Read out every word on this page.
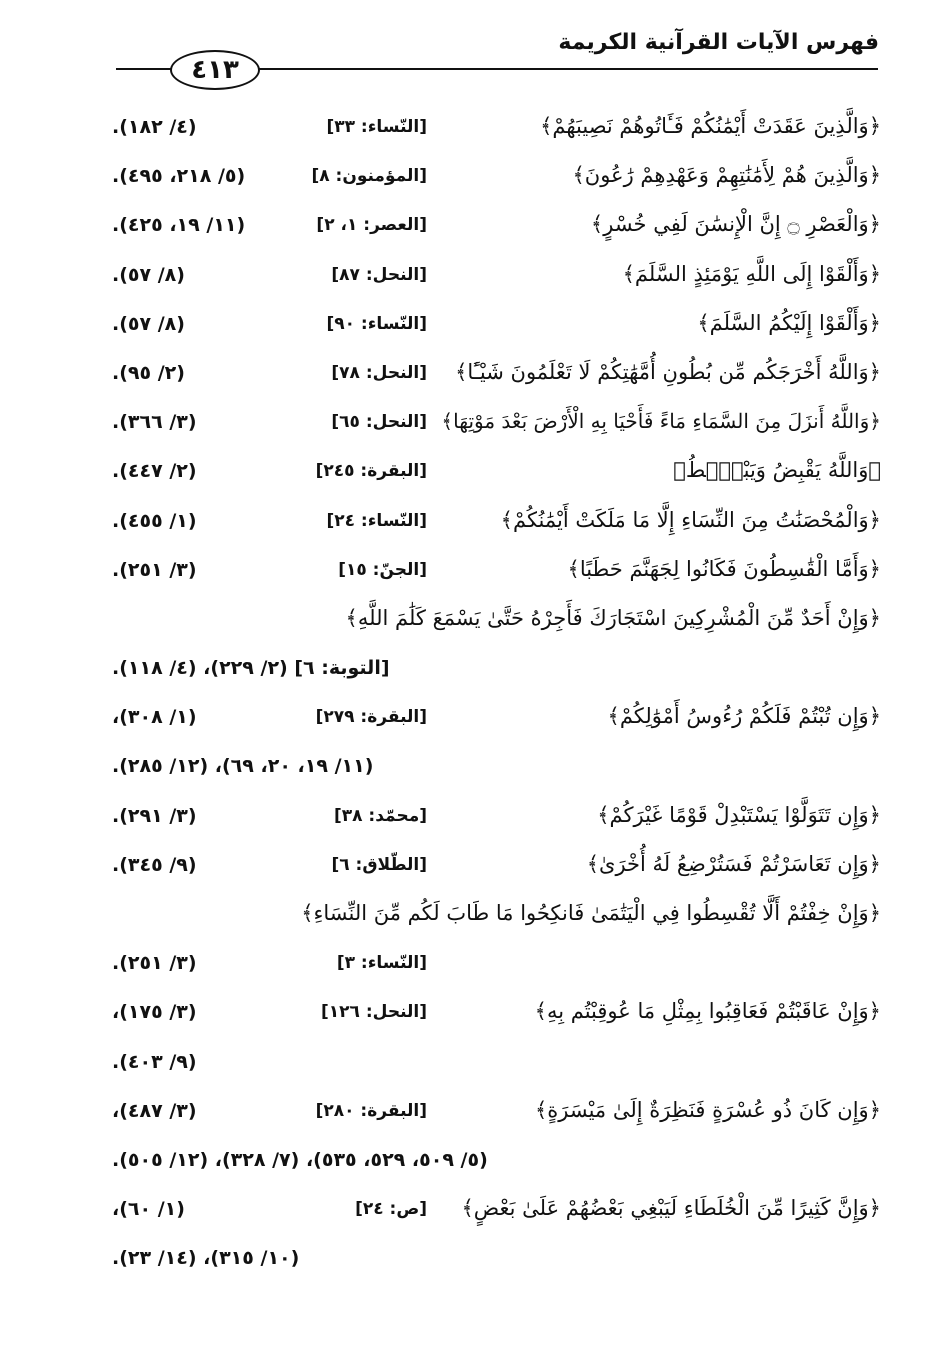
فهرس الآيات القرآنية الكريمة
٤١٣
﴿وَالَّذِينَ عَقَدَتْ أَيْمَٰنُكُمْ فَـَٔاتُوهُمْ نَصِيبَهُمْ﴾
[النّساء: ٣٣]
(٤/ ١٨٢).
﴿وَالَّذِينَ هُمْ لِأَمَٰنَٰتِهِمْ وَعَهْدِهِمْ رَٰعُونَ﴾
[المؤمنون: ٨]
(٥/ ٢١٨، ٤٩٥).
﴿وَالْعَصْرِ ۝ إِنَّ الْإِنسَٰنَ لَفِي خُسْرٍ﴾
[العصر: ١، ٢]
(١١/ ١٩، ٤٢٥).
﴿وَأَلْقَوْا إِلَى اللَّهِ يَوْمَئِذٍ السَّلَمَ﴾
[النحل: ٨٧]
(٨/ ٥٧).
﴿وَأَلْقَوْا إِلَيْكُمُ السَّلَمَ﴾
[النّساء: ٩٠]
(٨/ ٥٧).
﴿وَاللَّهُ أَخْرَجَكُم مِّن بُطُونِ أُمَّهَٰتِكُمْ لَا تَعْلَمُونَ شَيْـًٔا﴾
[النحل: ٧٨]
(٢/ ٩٥).
﴿وَاللَّهُ أَنزَلَ مِنَ السَّمَاءِ مَاءً فَأَحْيَا بِهِ الْأَرْضَ بَعْدَ مَوْتِهَا﴾
[النحل: ٦٥]
(٣/ ٣٦٦).
﴿وَاللَّهُ يَقْبِضُ وَيَبْصُۜطُ﴾
[البقرة: ٢٤٥]
(٢/ ٤٤٧).
﴿وَالْمُحْصَنَٰتُ مِنَ النِّسَاءِ إِلَّا مَا مَلَكَتْ أَيْمَٰنُكُمْ﴾
[النّساء: ٢٤]
(١/ ٤٥٥).
﴿وَأَمَّا الْقَٰسِطُونَ فَكَانُوا لِجَهَنَّمَ حَطَبًا﴾
[الجنّ: ١٥]
(٣/ ٢٥١).
﴿وَإِنْ أَحَدٌ مِّنَ الْمُشْرِكِينَ اسْتَجَارَكَ فَأَجِرْهُ حَتَّىٰ يَسْمَعَ كَلَٰمَ اللَّهِ﴾
[التوبة: ٦] (٢/ ٢٢٩)، (٤/ ١١٨).
﴿وَإِن تُبْتُمْ فَلَكُمْ رُءُوسُ أَمْوَٰلِكُمْ﴾
[البقرة: ٢٧٩]
(١/ ٣٠٨)،
(١١/ ١٩، ٢٠، ٦٩)، (١٢/ ٢٨٥).
﴿وَإِن تَتَوَلَّوْا يَسْتَبْدِلْ قَوْمًا غَيْرَكُمْ﴾
[محمّد: ٣٨]
(٣/ ٢٩١).
﴿وَإِن تَعَاسَرْتُمْ فَسَتُرْضِعُ لَهُ أُخْرَىٰ﴾
[الطّلاق: ٦]
(٩/ ٣٤٥).
﴿وَإِنْ خِفْتُمْ أَلَّا تُقْسِطُوا فِي الْيَتَٰمَىٰ فَانكِحُوا مَا طَابَ لَكُم مِّنَ النِّسَاءِ﴾
[النّساء: ٣]
(٣/ ٢٥١).
﴿وَإِنْ عَاقَبْتُمْ فَعَاقِبُوا بِمِثْلِ مَا عُوقِبْتُم بِهِ﴾
[النحل: ١٢٦]
(٣/ ١٧٥)،
(٩/ ٤٠٣).
﴿وَإِن كَانَ ذُو عُسْرَةٍ فَنَظِرَةٌ إِلَىٰ مَيْسَرَةٍ﴾
[البقرة: ٢٨٠]
(٣/ ٤٨٧)،
(٥/ ٥٠٩، ٥٢٩، ٥٣٥)، (٧/ ٣٢٨)، (١٢/ ٥٠٥).
﴿وَإِنَّ كَثِيرًا مِّنَ الْخُلَطَاءِ لَيَبْغِي بَعْضُهُمْ عَلَىٰ بَعْضٍ﴾
[ص: ٢٤]
(١/ ٦٠)،
(١٠/ ٣١٥)، (١٤/ ٢٣).
